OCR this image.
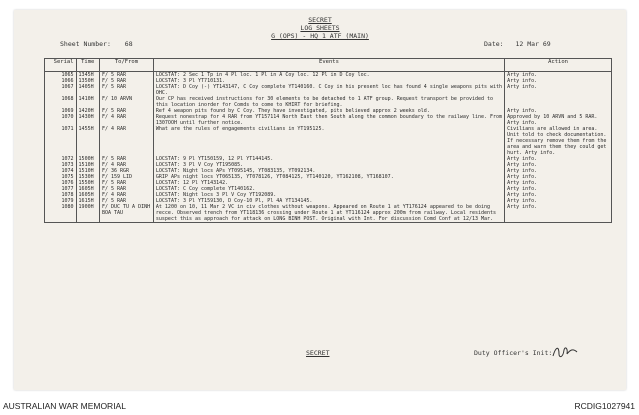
SECRET
LOG SHEETS
G (OPS) - HQ 1 ATF (MAIN)
Sheet Number: 68	Date: 12 Mar 69
Serial	Time	To/From	Events	Action
1065	1345H	F/ 5 RAR	LOCSTAT: 2 Sec 1 Tp in 4 Pl loc. 1 Pl in A Coy loc. 12 Pl in D Coy loc.	Arty info.
1066	1350H	F/ 5 RAR	LOCSTAT: 3 Pl YT710131.	Arty info.
1067	1405H	F/ 5 RAR	LOCSTAT: D Coy (-) YT143147, C Coy complete YT140160. C Coy in his present loc has found 4 single weapons pits with OHC.	Arty info.
1068	1410H	F/ 10 ARVN	Our CP has received instructions for 30 elements to be detached to 1 ATF group. Request transport be provided to this location inorder for Comds to come to KHIRT for briefing.	
1069	1420H	F/ 5 RAR	Ref 4 weapon pits found by C Coy. They have investigated, pits believed approx 2 weeks old.	Arty info.
1070	1430H	F/ 4 RAR	Request nonestrap for 4 RAR from YT157114 North East then South along the common boundary to the railway line. From 1307OOH until further notice.	Approved by 10 ARVN and 5 RAR. Arty info.
1071	1455H	F/ 4 RAR	What are the rules of engagements civilians in YT195125.	Civilians are allowed in area. Unit told to check documentation. If necessary remove them from the area and warn them they could get hurt. Arty info.
1072	1500H	F/ 5 RAR	LOCSTAT: 9 Pl YT150159, 12 Pl YT144145.	Arty info.
1073	1510H	F/ 4 RAR	LOCSTAT: 3 Pl V Coy YT195085.	Arty info.
1074	1510H	F/ 36 RGR	LOCSTAT: Night locs APs YT095145, YT083135, YT092134.	Arty info.
1075	1530H	F/ 159 LID	GRIP APs night locs YT065135, YT078126, YT084125, YT140120, YT162108, YT168107.	Arty info.
1076	1550H	F/ 5 RAR	LOCSTAT: 12 Pl YT143142.	Arty info.
1077	1605H	F/ 5 RAR	LOCSTAT: C Coy complete YT140162.	Arty info.
1078	1605H	F/ 4 RAR	LOCSTAT: Night locs 3 Pl V Coy YT192089.	Arty info.
1079	1615H	F/ 5 RAR	LOCSTAT: 3 Pl YT159130, D Coy-10 Pl, Pl 4A YT134145.	Arty info.
1080	1900H	F/ DUC TU A DINH BOA TAU	At 1200 on 10, 11 Mar 2 VC in civ clothes without weapons. Appeared on Route 1 at YT176124 appeared to be doing recce. Observed trench from YT118136 crossing under Route 1 at YT116124 approx 200m from railway. Local residents suspect this as approach for attack on LONG BINH POST. Original with Int. For discussion Comd Conf at 12/13 Mar.	Arty info.
SECRET	Duty Officer's Init:
AUSTRALIAN WAR MEMORIAL	RCDIG1027941
